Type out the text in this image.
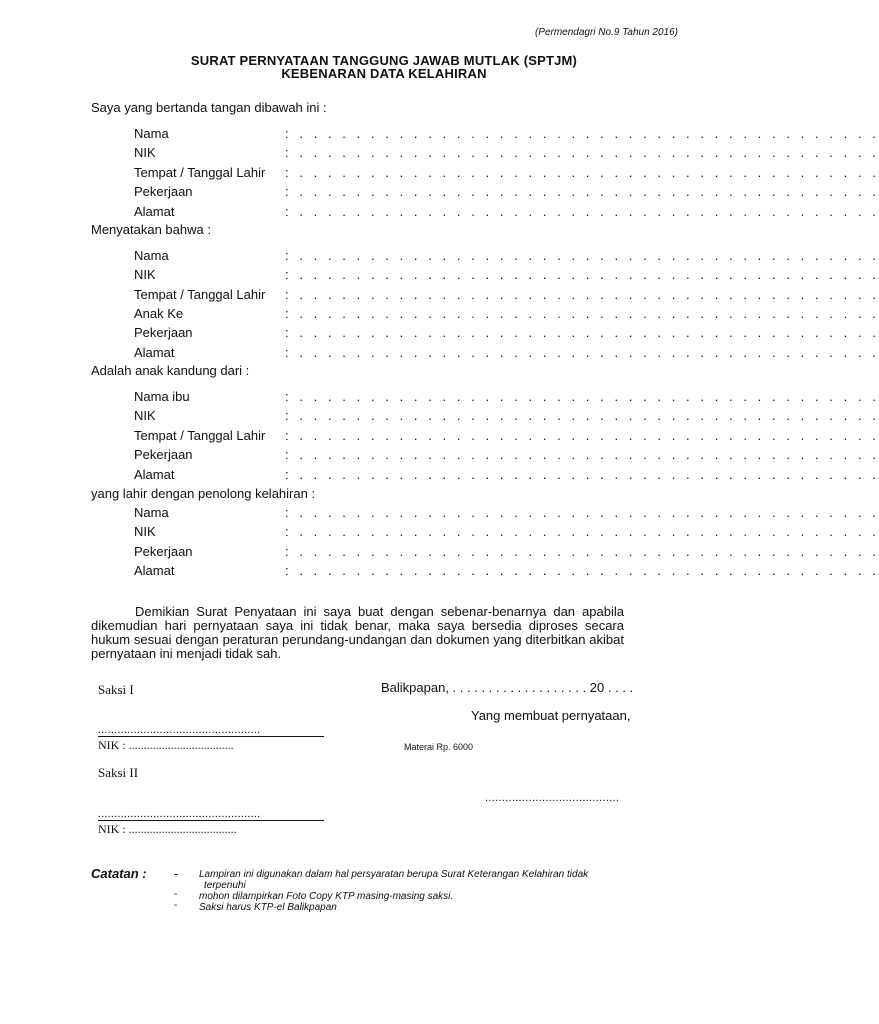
(Permendagri No.9 Tahun 2016)
SURAT PERNYATAAN TANGGUNG JAWAB MUTLAK (SPTJM)
KEBENARAN DATA KELAHIRAN
Saya yang bertanda tangan dibawah ini :
Nama	: . . . . . . . . . . . . . . . . . . . . . . . . . . . . . . . . . . . . . . . . .
NIK	: . . . . . . . . . . . . . . . . . . . . . . . . . . . . . . . . . . . . . . . . .
Tempat / Tanggal Lahir : . . . . . . . . . . . . . . . . . . . . . . . . . . . . . . . . . . . . . . . . .
Pekerjaan	: . . . . . . . . . . . . . . . . . . . . . . . . . . . . . . . . . . . . . . . . .
Alamat	: . . . . . . . . . . . . . . . . . . . . . . . . . . . . . . . . . . . . . . . . .
Menyatakan bahwa :
Nama	: . . . . . . . . . . . . . . . . . . . . . . . . . . . . . . . . . . . . . . . . .
NIK	: . . . . . . . . . . . . . . . . . . . . . . . . . . . . . . . . . . . . . . . . .
Tempat / Tanggal Lahir : . . . . . . . . . . . . . . . . . . . . . . . . . . . . . . . . . . . . . . . . .
Anak Ke	: . . . . . . . . . . . . . . . . . . . . . . . . . . . . . . . . . . . . . . . . .
Pekerjaan	: . . . . . . . . . . . . . . . . . . . . . . . . . . . . . . . . . . . . . . . . .
Alamat	: . . . . . . . . . . . . . . . . . . . . . . . . . . . . . . . . . . . . . . . . .
Adalah anak kandung dari :
Nama ibu	: . . . . . . . . . . . . . . . . . . . . . . . . . . . . . . . . . . . . . . . . .
NIK	: . . . . . . . . . . . . . . . . . . . . . . . . . . . . . . . . . . . . . . . . .
Tempat / Tanggal Lahir : . . . . . . . . . . . . . . . . . . . . . . . . . . . . . . . . . . . . . . . . .
Pekerjaan	: . . . . . . . . . . . . . . . . . . . . . . . . . . . . . . . . . . . . . . . . .
Alamat	: . . . . . . . . . . . . . . . . . . . . . . . . . . . . . . . . . . . . . . . . .
yang lahir dengan penolong kelahiran :
Nama	: . . . . . . . . . . . . . . . . . . . . . . . . . . . . . . . . . . . . . . . . .
NIK	: . . . . . . . . . . . . . . . . . . . . . . . . . . . . . . . . . . . . . . . . .
Pekerjaan	: . . . . . . . . . . . . . . . . . . . . . . . . . . . . . . . . . . . . . . . . .
Alamat	: . . . . . . . . . . . . . . . . . . . . . . . . . . . . . . . . . . . . . . . . .

Demikian Surat Penyataan ini saya buat dengan sebenar-benarnya dan apabila dikemudian hari pernyataan saya ini tidak benar, maka saya bersedia diproses secara hukum sesuai dengan peraturan perundang-undangan dan dokumen yang diterbitkan akibat pernyataan ini menjadi tidak sah.

Saksi I	Balikpapan, . . . . . . . . . . . . . . . . . . . 20 . . . .
Yang membuat pernyataan,
..................................................
NIK : ...................................	Materai Rp. 6000
Saksi II
........................................
..................................................
NIK : ....................................
Catatan : - Lampiran ini digunakan dalam hal persyaratan berupa Surat Keterangan Kelahiran tidak
terpenuhi
- mohon dilampirkan Foto Copy KTP masing-masing saksi.
- Saksi harus KTP-el Balikpapan
